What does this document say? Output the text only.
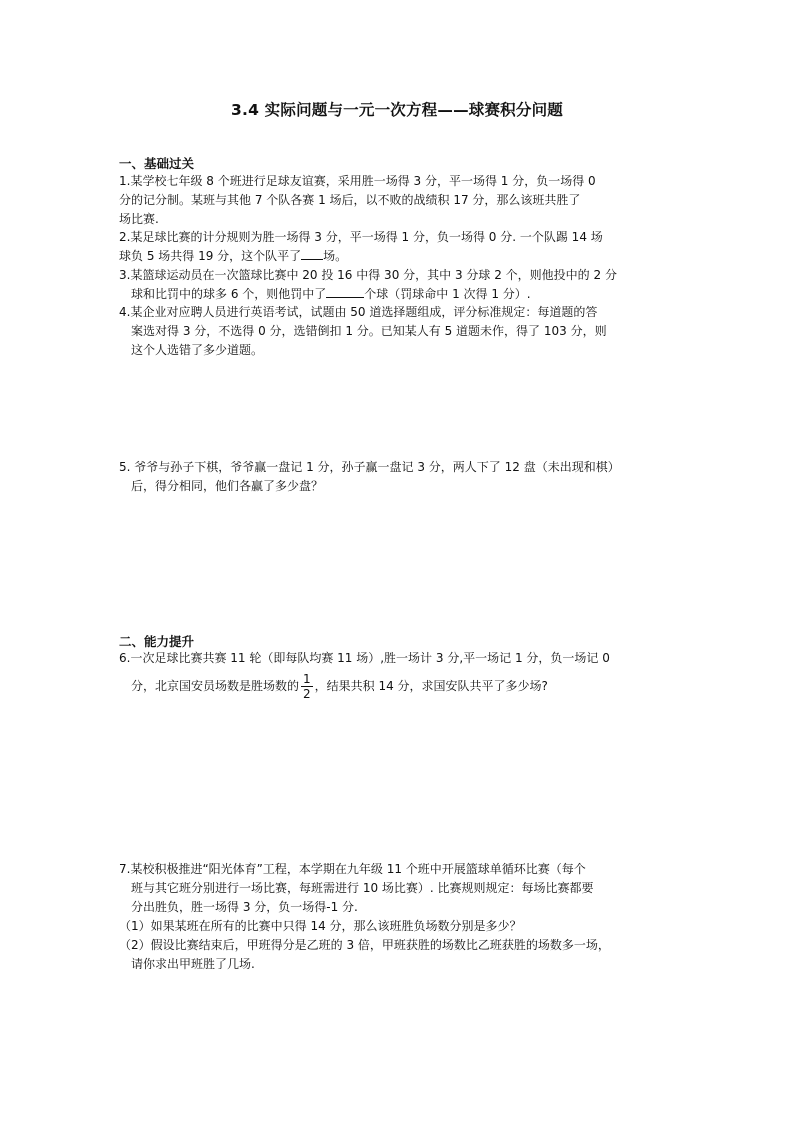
3.4 实际问题与一元一次方程——球赛积分问题
一、基础过关
1.某学校七年级 8 个班进行足球友谊赛，采用胜一场得 3 分，平一场得 1 分，负一场得 0
分的记分制。某班与其他 7 个队各赛 1 场后，以不败的战绩积 17 分，那么该班共胜了
场比赛.
2.某足球比赛的计分规则为胜一场得 3 分，平一场得 1 分，负一场得 0 分. 一个队踢 14 场
球负 5 场共得 19 分，这个队平了 场。
3.某篮球运动员在一次篮球比赛中 20 投 16 中得 30 分，其中 3 分球 2 个，则他投中的 2 分
球和比罚中的球多 6 个，则他罚中了	个球（罚球命中 1 次得 1 分）.
4.某企业对应聘人员进行英语考试，试题由 50 道选择题组成，评分标准规定：每道题的答
案选对得 3 分，不选得 0 分，选错倒扣 1 分。已知某人有 5 道题未作，得了 103 分，则
这个人选错了多少道题。
5. 爷爷与孙子下棋，爷爷赢一盘记 1 分，孙子赢一盘记 3 分，两人下了 12 盘（未出现和棋）
后，得分相同，他们各赢了多少盘？
二、能力提升
6.一次足球比赛共赛 11 轮（即每队均赛 11 场）,胜一场计 3 分,平一场记 1 分，负一场记 0
分，北京国安员场数是胜场数的 $\frac{1}{2}$ ，结果共积 14 分，求国安队共平了多少场?
7.某校积极推进“阳光体育”工程，本学期在九年级 11 个班中开展篮球单循环比赛（每个
班与其它班分别进行一场比赛，每班需进行 10 场比赛）. 比赛规则规定：每场比赛都要
分出胜负，胜一场得 3 分，负一场得-1 分.
（1）如果某班在所有的比赛中只得 14 分，那么该班胜负场数分别是多少？
（2）假设比赛结束后，甲班得分是乙班的 3 倍，甲班获胜的场数比乙班获胜的场数多一场，
请你求出甲班胜了几场.
